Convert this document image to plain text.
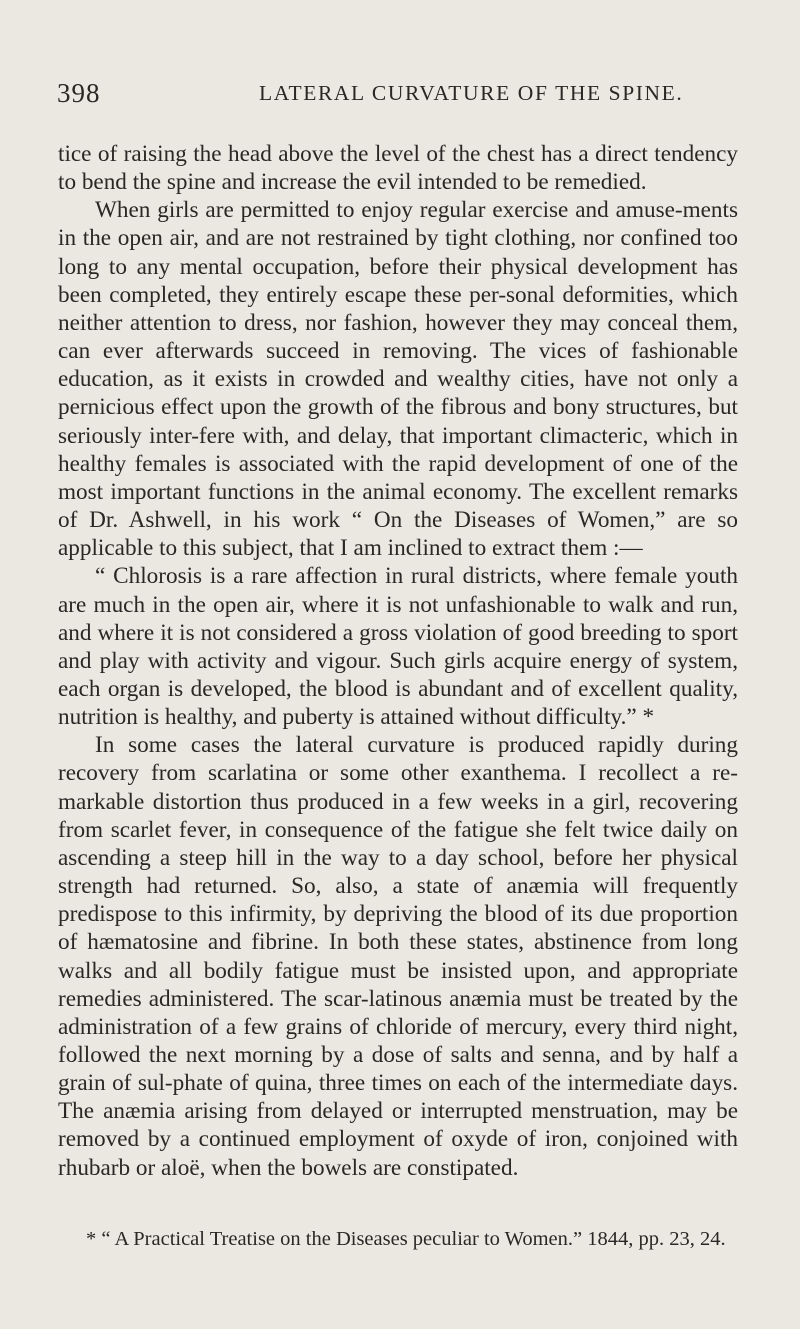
398	LATERAL CURVATURE OF THE SPINE.

tice of raising the head above the level of the chest has a direct tendency to bend the spine and increase the evil intended to be remedied.

When girls are permitted to enjoy regular exercise and amuse-ments in the open air, and are not restrained by tight clothing, nor confined too long to any mental occupation, before their physical development has been completed, they entirely escape these per-sonal deformities, which neither attention to dress, nor fashion, however they may conceal them, can ever afterwards succeed in removing. The vices of fashionable education, as it exists in crowded and wealthy cities, have not only a pernicious effect upon the growth of the fibrous and bony structures, but seriously inter-fere with, and delay, that important climacteric, which in healthy females is associated with the rapid development of one of the most important functions in the animal economy. The excellent remarks of Dr. Ashwell, in his work “ On the Diseases of Women,” are so applicable to this subject, that I am inclined to extract them :—

“ Chlorosis is a rare affection in rural districts, where female youth are much in the open air, where it is not unfashionable to walk and run, and where it is not considered a gross violation of good breeding to sport and play with activity and vigour. Such girls acquire energy of system, each organ is developed, the blood is abundant and of excellent quality, nutrition is healthy, and puberty is attained without difficulty.” *

In some cases the lateral curvature is produced rapidly during recovery from scarlatina or some other exanthema. I recollect a re-markable distortion thus produced in a few weeks in a girl, recovering from scarlet fever, in consequence of the fatigue she felt twice daily on ascending a steep hill in the way to a day school, before her physical strength had returned. So, also, a state of anæmia will frequently predispose to this infirmity, by depriving the blood of its due proportion of hæmatosine and fibrine. In both these states, abstinence from long walks and all bodily fatigue must be insisted upon, and appropriate remedies administered. The scar-latinous anæmia must be treated by the administration of a few grains of chloride of mercury, every third night, followed the next morning by a dose of salts and senna, and by half a grain of sul-phate of quina, three times on each of the intermediate days. The anæmia arising from delayed or interrupted menstruation, may be removed by a continued employment of oxyde of iron, conjoined with rhubarb or aloë, when the bowels are constipated.

* “ A Practical Treatise on the Diseases peculiar to Women.” 1844, pp. 23, 24.
